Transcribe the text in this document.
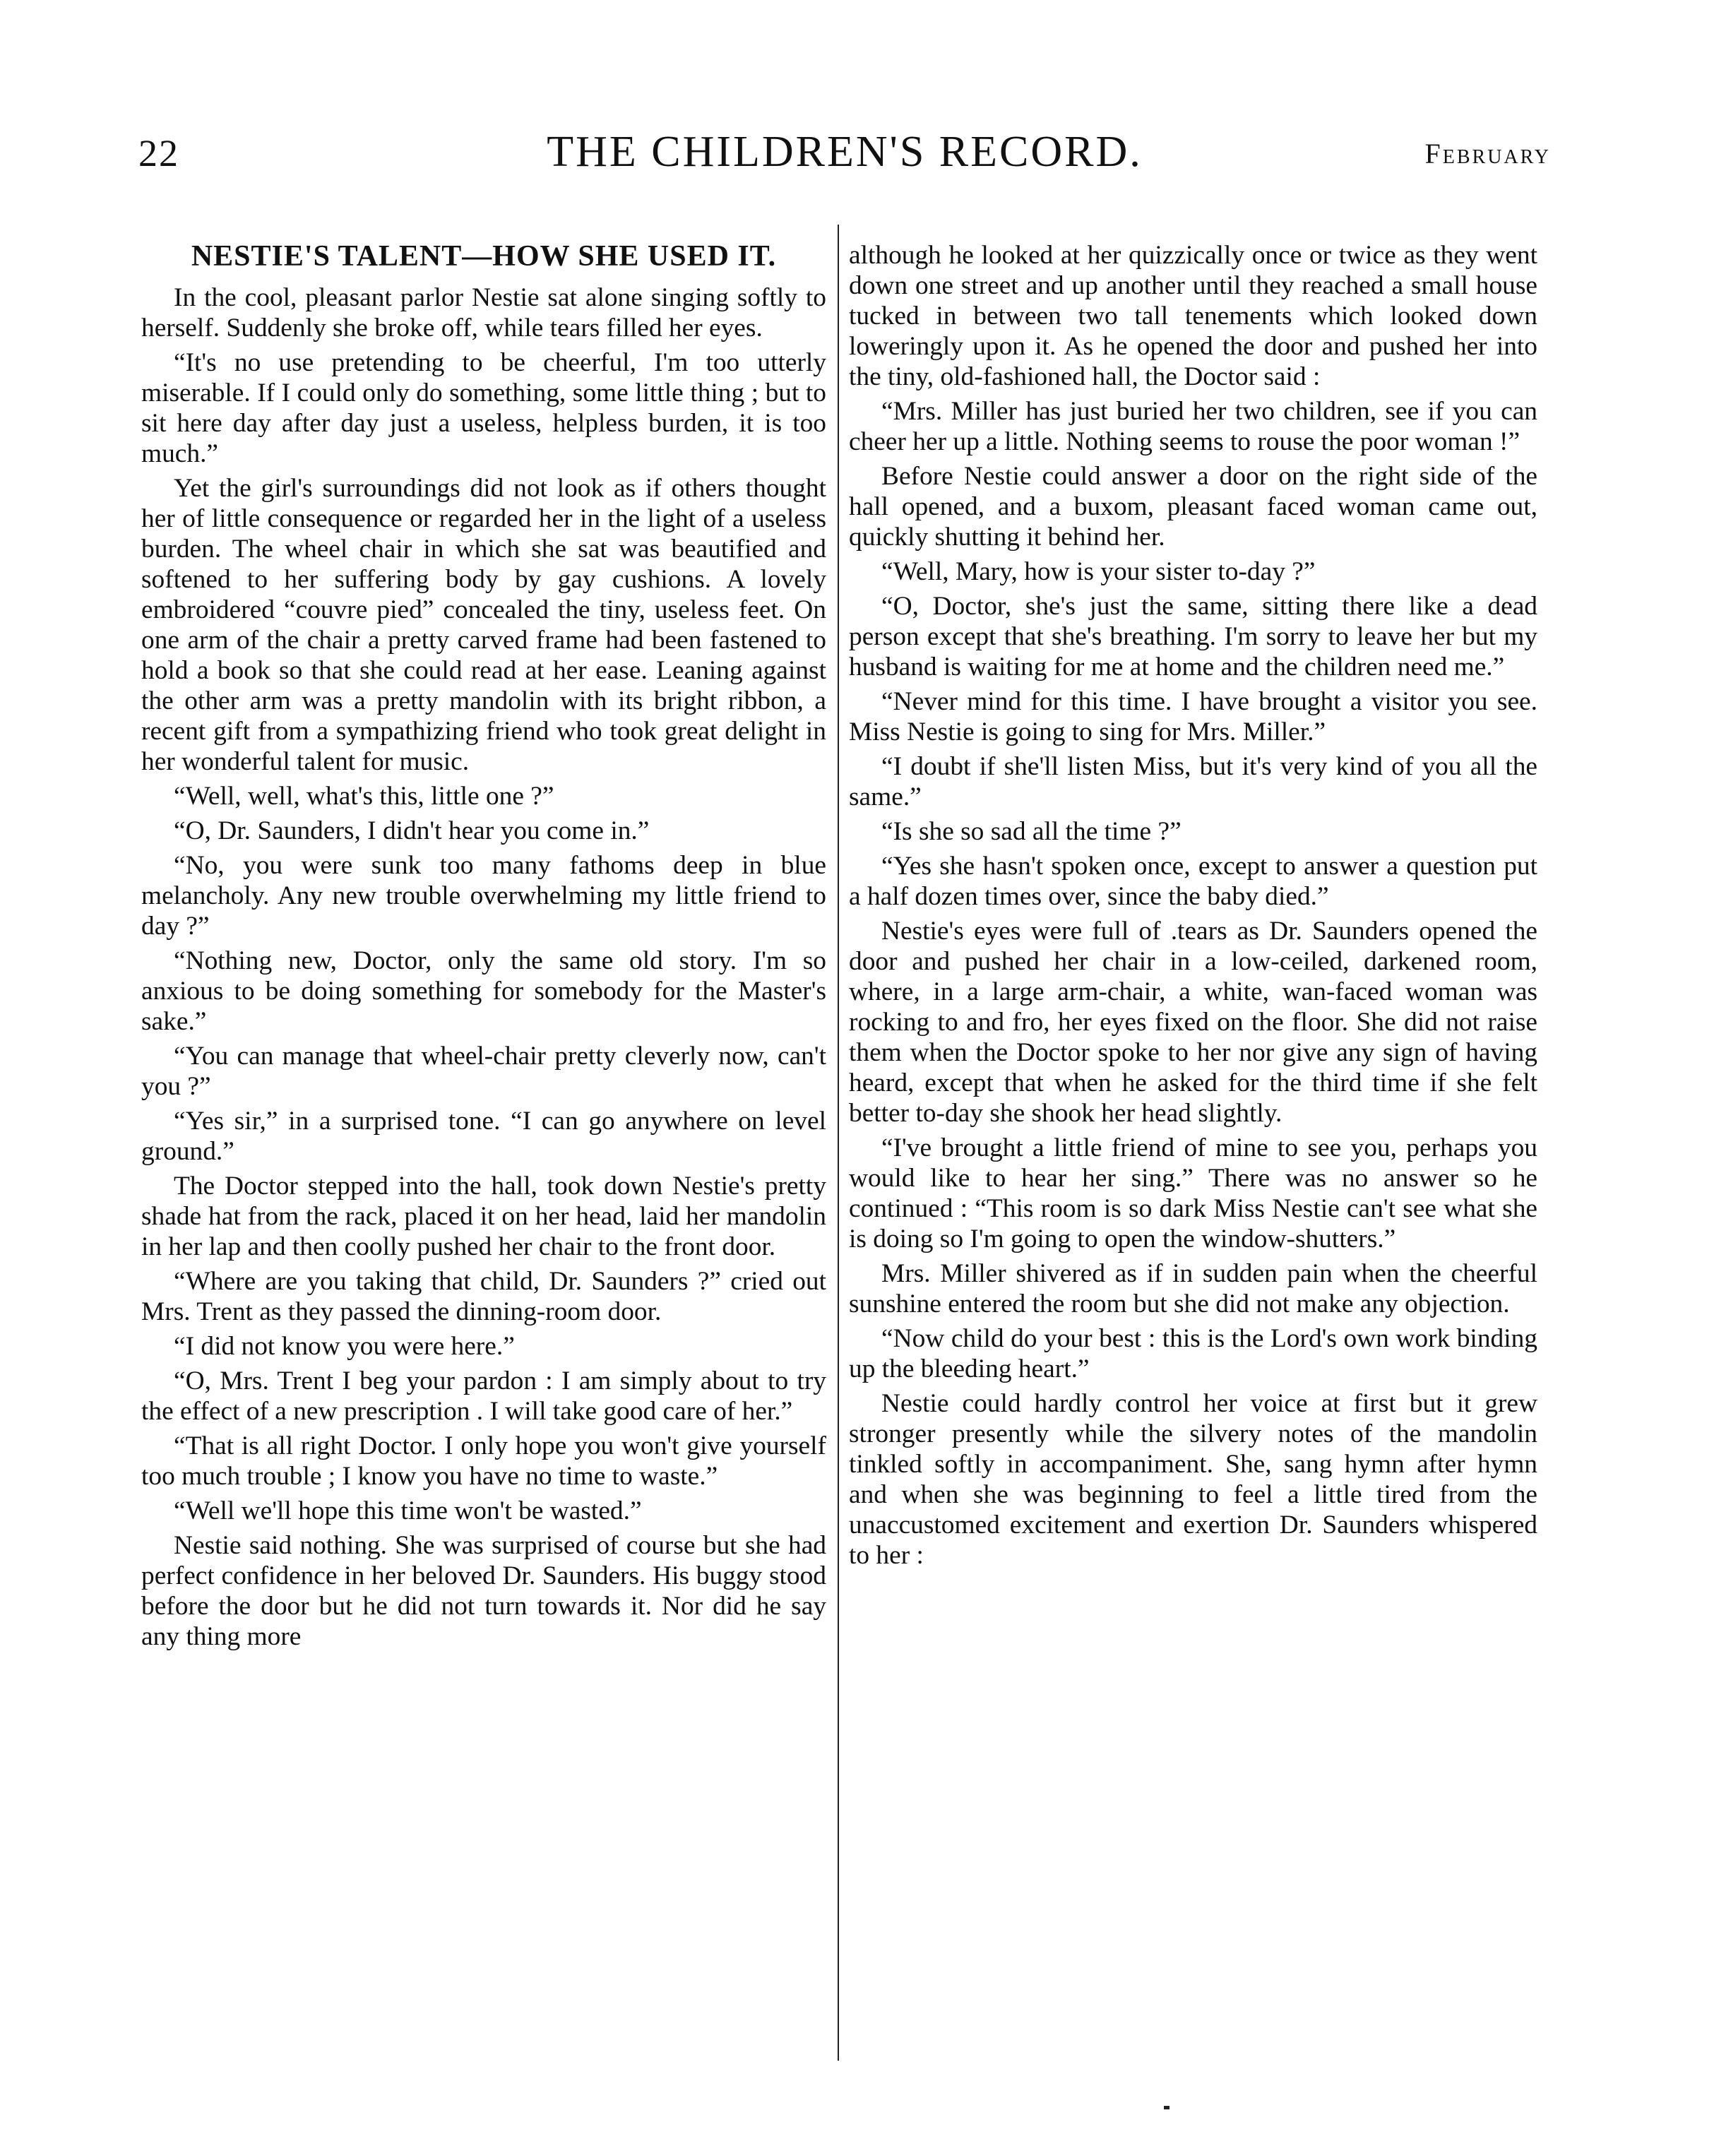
22	THE CHILDREN'S RECORD.	February
NESTIE'S TALENT—HOW SHE USED IT.

In the cool, pleasant parlor Nestie sat alone singing softly to herself. Suddenly she broke off, while tears filled her eyes.

“It's no use pretending to be cheerful, I'm too utterly miserable. If I could only do something, some little thing ; but to sit here day after day just a useless, helpless burden, it is too much.”

Yet the girl's surroundings did not look as if others thought her of little consequence or regarded her in the light of a useless burden. The wheel chair in which she sat was beautified and softened to her suffering body by gay cushions. A lovely embroidered “couvre pied” concealed the tiny, useless feet. On one arm of the chair a pretty carved frame had been fastened to hold a book so that she could read at her ease. Leaning against the other arm was a pretty mandolin with its bright ribbon, a recent gift from a sympathizing friend who took great delight in her wonderful talent for music.

“Well, well, what's this, little one ?”

“O, Dr. Saunders, I didn't hear you come in.”

“No, you were sunk too many fathoms deep in blue melancholy. Any new trouble overwhelming my little friend to day ?”

“Nothing new, Doctor, only the same old story. I'm so anxious to be doing something for somebody for the Master's sake.”

“You can manage that wheel-chair pretty cleverly now, can't you ?”

“Yes sir,” in a surprised tone. “I can go anywhere on level ground.”

The Doctor stepped into the hall, took down Nestie's pretty shade hat from the rack, placed it on her head, laid her mandolin in her lap and then coolly pushed her chair to the front door.

“Where are you taking that child, Dr. Saunders ?” cried out Mrs. Trent as they passed the dinning-room door.

“I did not know you were here.”

“O, Mrs. Trent I beg your pardon : I am simply about to try the effect of a new prescription . I will take good care of her.”

“That is all right Doctor. I only hope you won't give yourself too much trouble ; I know you have no time to waste.”

“Well we'll hope this time won't be wasted.”

Nestie said nothing. She was surprised of course but she had perfect confidence in her beloved Dr. Saunders. His buggy stood before the door but he did not turn towards it. Nor did he say any thing more

although he looked at her quizzically once or twice as they went down one street and up another until they reached a small house tucked in between two tall tenements which looked down loweringly upon it. As he opened the door and pushed her into the tiny, old-fashioned hall, the Doctor said :

“Mrs. Miller has just buried her two children, see if you can cheer her up a little. Nothing seems to rouse the poor woman !”

Before Nestie could answer a door on the right side of the hall opened, and a buxom, pleasant faced woman came out, quickly shutting it behind her.

“Well, Mary, how is your sister to-day ?”

“O, Doctor, she's just the same, sitting there like a dead person except that she's breathing. I'm sorry to leave her but my husband is waiting for me at home and the children need me.”

“Never mind for this time. I have brought a visitor you see. Miss Nestie is going to sing for Mrs. Miller.”

“I doubt if she'll listen Miss, but it's very kind of you all the same.”

“Is she so sad all the time ?”

“Yes she hasn't spoken once, except to answer a question put a half dozen times over, since the baby died.”

Nestie's eyes were full of .tears as Dr. Saunders opened the door and pushed her chair in a low-ceiled, darkened room, where, in a large arm-chair, a white, wan-faced woman was rocking to and fro, her eyes fixed on the floor. She did not raise them when the Doctor spoke to her nor give any sign of having heard, except that when he asked for the third time if she felt better to-day she shook her head slightly.

“I've brought a little friend of mine to see you, perhaps you would like to hear her sing.” There was no answer so he continued : “This room is so dark Miss Nestie can't see what she is doing so I'm going to open the window-shutters.”

Mrs. Miller shivered as if in sudden pain when the cheerful sunshine entered the room but she did not make any objection.

“Now child do your best : this is the Lord's own work binding up the bleeding heart.”

Nestie could hardly control her voice at first but it grew stronger presently while the silvery notes of the mandolin tinkled softly in accompaniment. She, sang hymn after hymn and when she was beginning to feel a little tired from the unaccustomed excitement and exertion Dr. Saunders whispered to her :
